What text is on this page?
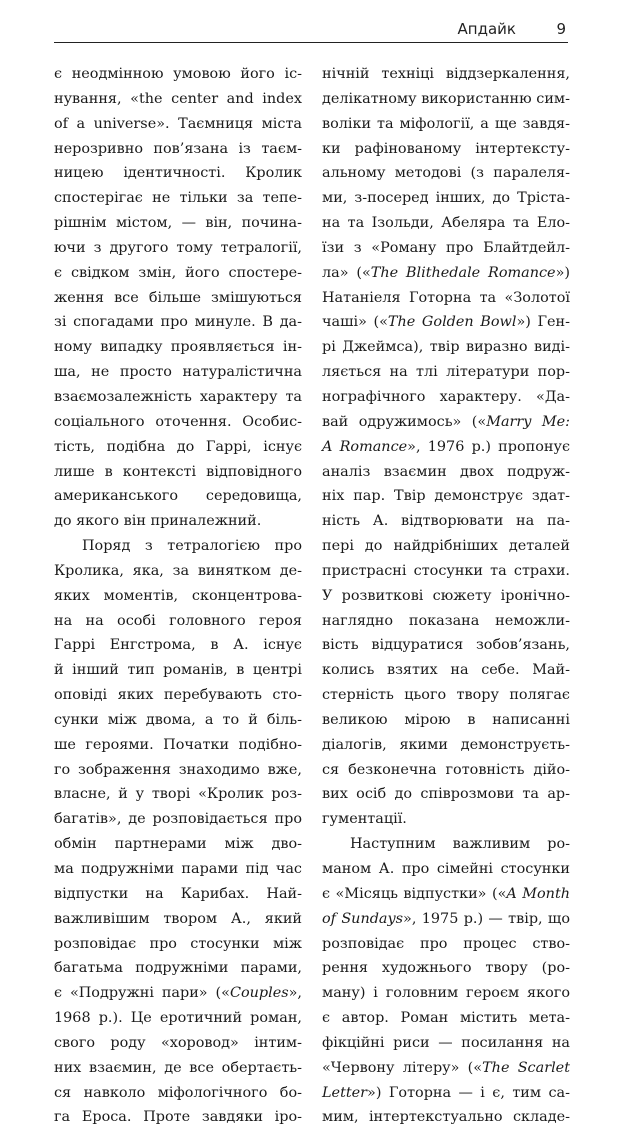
Апдайк	9
є неодмінною умовою його іс-
нування, «the center and index
of a universe». Таємниця міста
нерозривно пов’язана із таєм-
ницею ідентичності. Кролик
спостерігає не тільки за тепе-
рішнім містом, — він, почина-
ючи з другого тому тетралогії,
є свідком змін, його спостере-
ження все більше змішуються
зі спогадами про минуле. В да-
ному випадку проявляється ін-
ша, не просто натуралістична
взаємозалежність характеру та
соціального оточення. Особис-
тість, подібна до Гаррі, існує
лише в контексті відповідного
американського середовища,
до якого він приналежний.
Поряд з тетралогією про
Кролика, яка, за винятком де-
яких моментів, сконцентрова-
на на особі головного героя
Гаррі Енгстрома, в А. існує
й інший тип романів, в центрі
оповіді яких перебувають сто-
сунки між двома, а то й біль-
ше героями. Початки подібно-
го зображення знаходимо вже,
власне, й у творі «Кролик роз-
багатів», де розповідається про
обмін партнерами між дво-
ма подружніми парами під час
відпустки на Карибах. Най-
важливішим твором А., який
розповідає про стосунки між
багатьма подружніми парами,
є «Подружні пари» («Couples»,
1968 р.). Це еротичний роман,
свого роду «хоровод» інтим-
них взаємин, де все обертаєть-
ся навколо міфологічного бо-
га Ероса. Проте завдяки іро-
нічній техніці віддзеркалення,
делікатному використанню сим-
воліки та міфології, а ще завдя-
ки рафінованому інтертексту-
альному методові (з паралеля-
ми, з-посеред інших, до Трiста-
на та Ізольди, Абеляра та Ело-
їзи з «Роману про Блайтдейл-
ла» («The Blithedale Romance»)
Натаніеля Готорна та «Золотої
чаші» («The Golden Bowl») Ген-
рі Джеймса), твір виразно виді-
ляється на тлі літератури пор-
нографічного характеру. «Да-
вай одружимось» («Marry Me:
A Romance», 1976 р.) пропонує
аналіз взаємин двох подруж-
ніх пар. Твір демонструє здат-
ність А. відтворювати на па-
пері до найдрібніших деталей
пристрасні стосунки та страхи.
У розвиткові сюжету іронічно-
наглядно показана неможли-
вість відцуратися зобов’язань,
колись взятих на себе. Май-
стерність цього твору полягає
великою мірою в написанні
діалогів, якими демонструєть-
ся безконечна готовність дійо-
вих осіб до співрозмови та ар-
гументації.
Наступним важливим ро-
маном А. про сімейні стосунки
є «Місяць відпустки» («A Month
of Sundays», 1975 р.) — твір, що
розповідає про процес ство-
рення художнього твору (ро-
ману) і головним героєм якого
є автор. Роман містить мета-
фікційні риси — посилання на
«Червону літеру» («The Scarlet
Letter») Готорна — і є, тим са-
мим, інтертекстуально складе-
